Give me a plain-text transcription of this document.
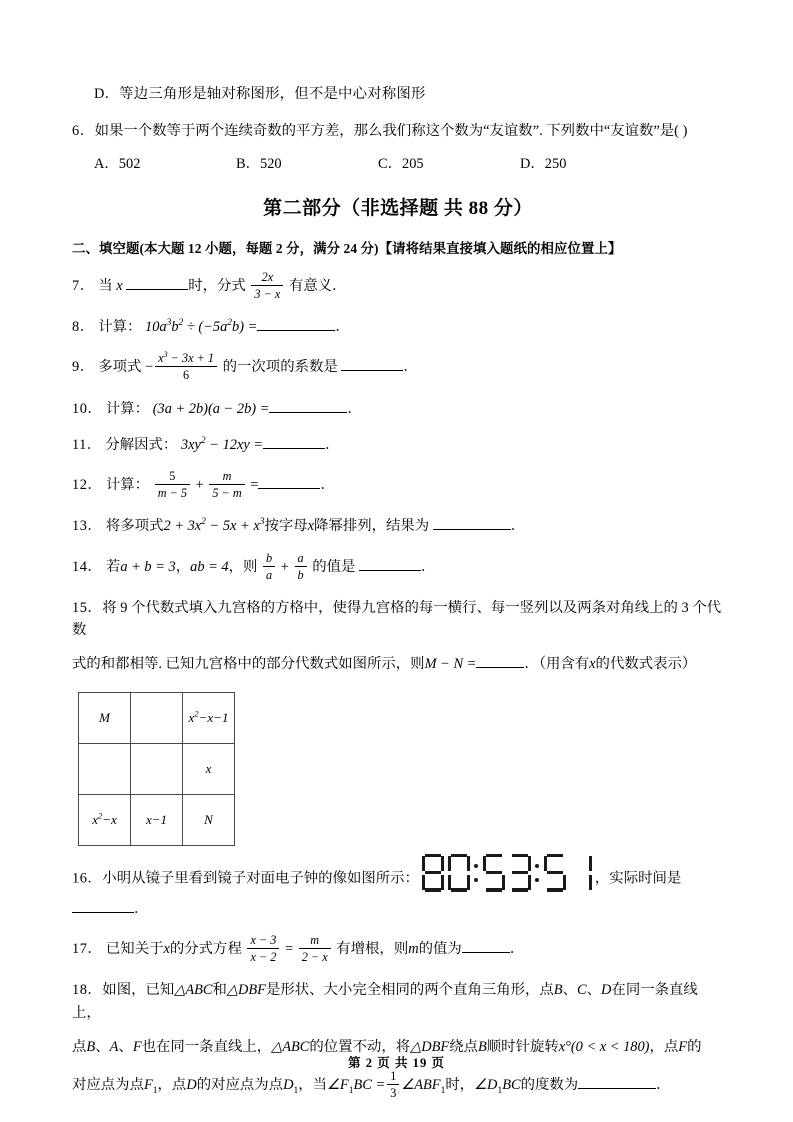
D．等边三角形是轴对称图形，但不是中心对称图形
6．如果一个数等于两个连续奇数的平方差，那么我们称这个数为“友谊数”. 下列数中“友谊数”是( )
A．502	B．520	C．205	D．250
第二部分（非选择题 共 88 分）
二、填空题(本大题 12 小题，每题 2 分，满分 24 分)【请将结果直接填入题纸的相应位置上】
7． 当 x	时，分式 $\frac{2x}{3 - x}$ 有意义．
8． 计算： $10a^3b^2 \div (-5a^2b)$ =	．
9． 多项式 − $\frac{x^3 - 3x + 1}{6}$ 的一次项的系数是	．
10． 计算： (3a + 2b)(a − 2b) =	．
11． 分解因式： $3xy^2 - 12xy$ =	．
12． 计算： $\frac{5}{m - 5} + \frac{m}{5 - m}$ =	．
13． 将多项式$2 + 3x^2 - 5x + x^3$按字母x降幂排列，结果为	．
14． 若a + b = 3，ab = 4，则 $\frac{b}{a} + \frac{a}{b}$ 的值是	．
15．将 9 个代数式填入九宫格的方格中，使得九宫格的每一横行、每一竖列以及两条对角线上的 3 个代数
式的和都相等. 已知九宫格中的部分代数式如图所示，则M − N =	．（用含有x的代数式表示）
M		$x^2-x-1$
		x
$x^2-x$	x−1	N
16．小明从镜子里看到镜子对面电子钟的像如图所示：	，实际时间是 ．
17． 已知关于x的分式方程 $\frac{x - 3}{x - 2} = \frac{m}{2 - x}$ 有增根，则m的值为	．
18．如图，已知△ABC和△DBF是形状、大小完全相同的两个直角三角形，点B、C、D在同一条直线上，
点B、A、F也在同一条直线上，△ABC的位置不动，将△DBF绕点B顺时针旋转x°(0 < x < 180)，点F的
对应点为点$F_1$，点D的对应点为点$D_1$，当$\angle F_1BC = \frac{1}{3}$ $\angle ABF_1$时，$\angle D_1BC$的度数为	．
第 2 页 共 19 页
